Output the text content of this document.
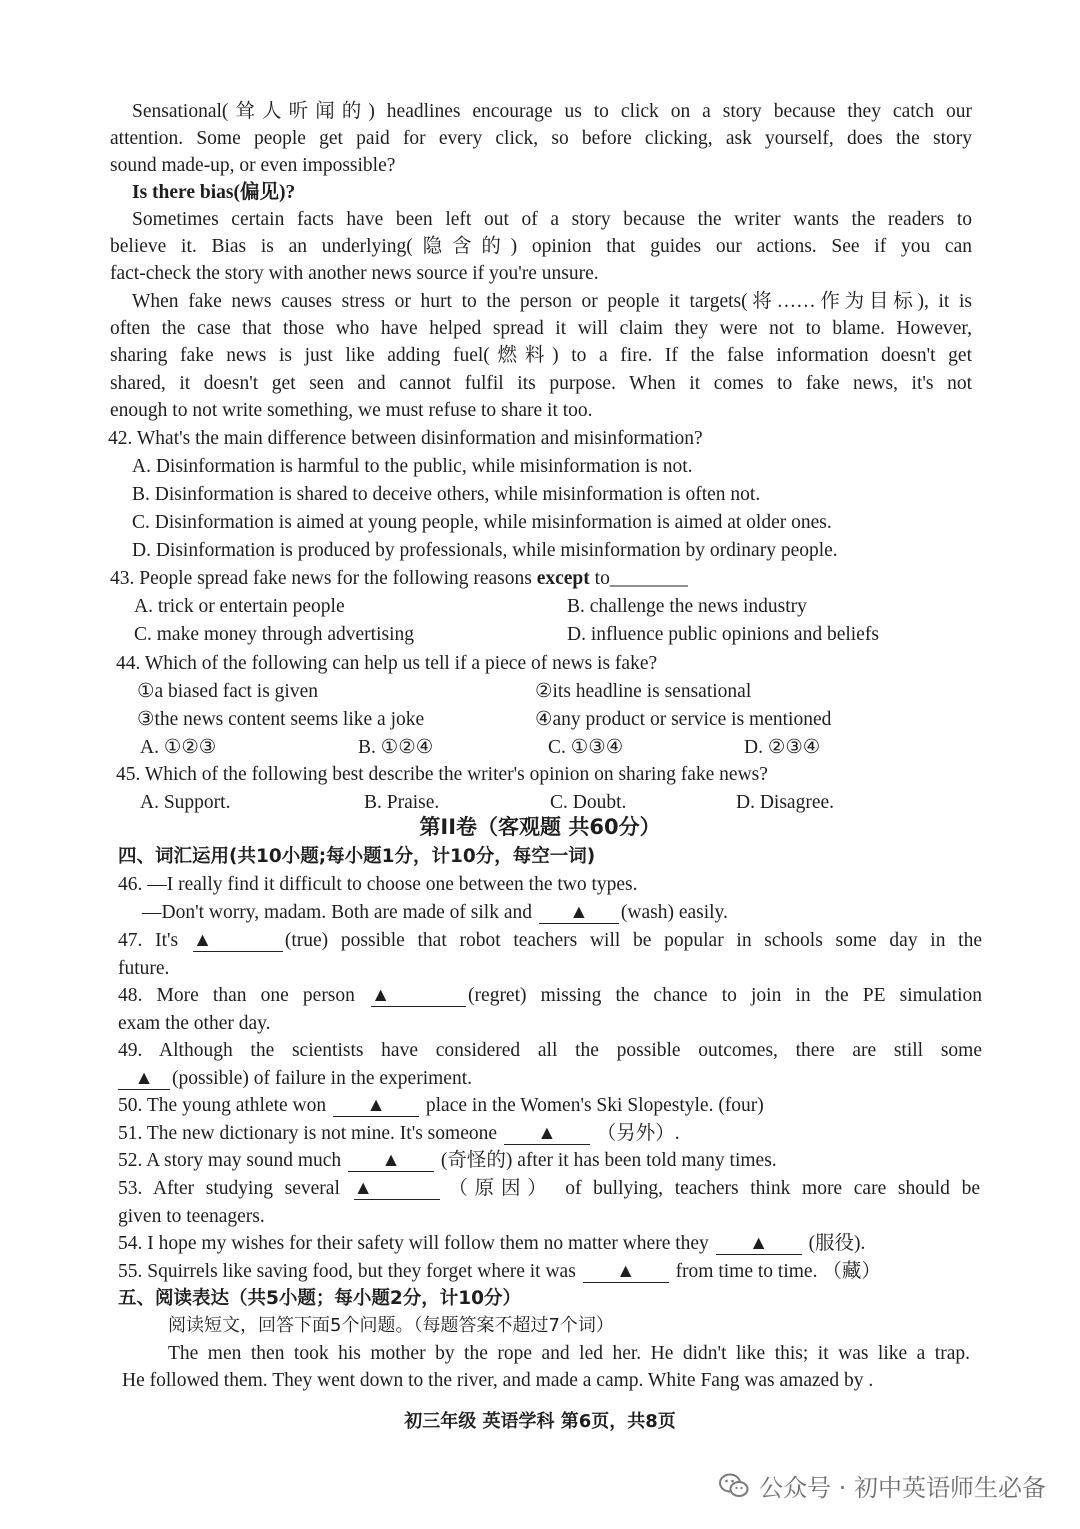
Sensational(耸人听闻的) headlines encourage us to click on a story because they catch our
attention. Some people get paid for every click, so before clicking, ask yourself, does the story
sound made-up, or even impossible?
Is there bias(偏见)?
Sometimes certain facts have been left out of a story because the writer wants the readers to
believe it. Bias is an underlying(隐含的) opinion that guides our actions. See if you can
fact-check the story with another news source if you're unsure.
When fake news causes stress or hurt to the person or people it targets(将……作为目标), it is
often the case that those who have helped spread it will claim they were not to blame. However,
sharing fake news is just like adding fuel(燃料) to a fire. If the false information doesn't get
shared, it doesn't get seen and cannot fulfil its purpose. When it comes to fake news, it's not
enough to not write something, we must refuse to share it too.
42. What's the main difference between disinformation and misinformation?
A. Disinformation is harmful to the public, while misinformation is not.
B. Disinformation is shared to deceive others, while misinformation is often not.
C. Disinformation is aimed at young people, while misinformation is aimed at older ones.
D. Disinformation is produced by professionals, while misinformation by ordinary people.
43. People spread fake news for the following reasons except to________
A. trick or entertain people	B. challenge the news industry
C. make money through advertising	D. influence public opinions and beliefs
44. Which of the following can help us tell if a piece of news is fake?
①a biased fact is given	②its headline is sensational
③the news content seems like a joke	④any product or service is mentioned
A. ①②③	B. ①②④	C. ①③④	D. ②③④
45. Which of the following best describe the writer's opinion on sharing fake news?
A. Support.	B. Praise.	C. Doubt.	D. Disagree.
第II卷（客观题 共60分）
四、词汇运用(共10小题;每小题1分，计10分，每空一词)
46. —I really find it difficult to choose one between the two types.
—Don't worry, madam. Both are made of silk and ▲ (wash) easily.
47. It's ▲	(true) possible that robot teachers will be popular in schools some day in the
future.
48. More than one person ▲	(regret) missing the chance to join in the PE simulation
exam the other day.
49. Although the scientists have considered all the possible outcomes, there are still some
▲ (possible) of failure in the experiment.
50. The young athlete won ▲ place in the Women's Ski Slopestyle. (four)
51. The new dictionary is not mine. It's someone ▲ （另外）.
52. A story may sound much ▲ (奇怪的) after it has been told many times.
53. After studying several ▲	（原因） of bullying, teachers think more care should be
given to teenagers.
54. I hope my wishes for their safety will follow them no matter where they ▲ (服役).
55. Squirrels like saving food, but they forget where it was ▲ from time to time. （藏）
五、阅读表达（共5小题；每小题2分，计10分）
阅读短文，回答下面5个问题。（每题答案不超过7个词）
The men then took his mother by the rope and led her. He didn't like this; it was like a trap.
He followed them. They went down to the river, and made a camp. White Fang was amazed by .
初三年级 英语学科 第6页，共8页
公众号 · 初中英语师生必备
